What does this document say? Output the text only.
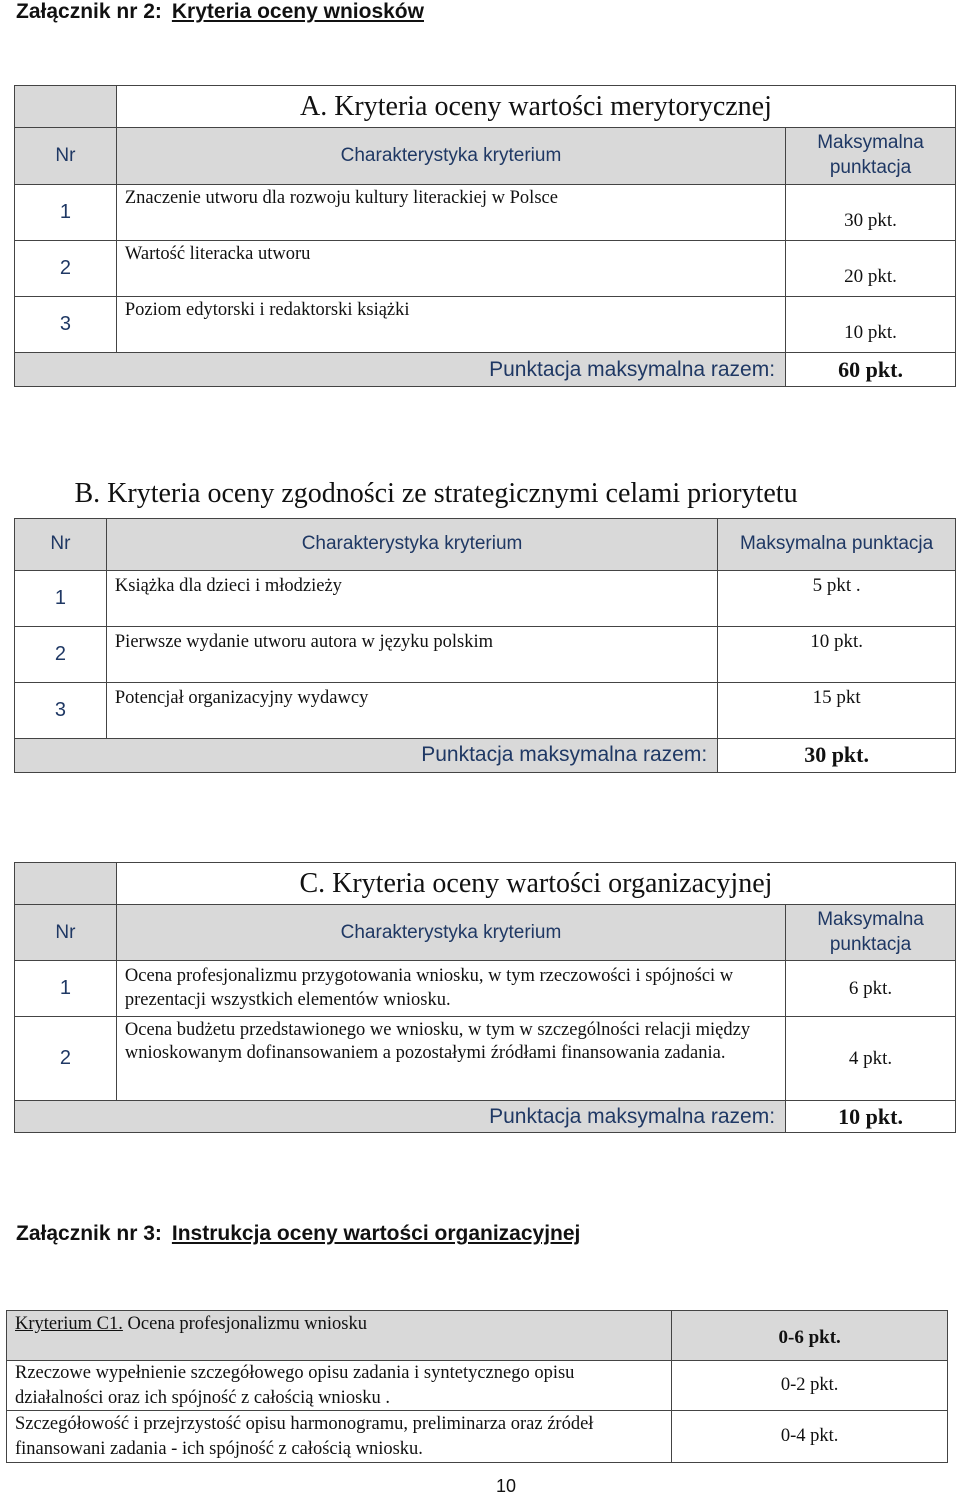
Załącznik nr 2: Kryteria oceny wniosków
	A. Kryteria oceny wartości merytorycznej	
Nr	Charakterystyka kryterium	Maksymalna punktacja
1	Znaczenie utworu dla rozwoju kultury literackiej w Polsce	30 pkt.
2	Wartość literacka utworu	20 pkt.
3	Poziom edytorski i redaktorski książki	10 pkt.
Punktacja maksymalna razem:		60 pkt.
B. Kryteria oceny zgodności ze strategicznymi celami priorytetu		
Nr	Charakterystyka kryterium	Maksymalna punktacja
1	Książka dla dzieci i młodzieży	5 pkt .
2	Pierwsze wydanie utworu autora w języku polskim	10 pkt.
3	Potencjał organizacyjny wydawcy	15 pkt
Punktacja maksymalna razem:		30 pkt.
	C. Kryteria oceny wartości organizacyjnej	
Nr	Charakterystyka kryterium	Maksymalna punktacja
1	Ocena profesjonalizmu przygotowania wniosku, w tym rzeczowości i spójności w prezentacji wszystkich elementów wniosku.	6 pkt.
2	Ocena budżetu przedstawionego we wniosku, w tym w szczególności relacji między wnioskowanym dofinansowaniem a pozostałymi źródłami finansowania zadania.	4 pkt.
Punktacja maksymalna razem:		10 pkt.
Załącznik nr 3: Instrukcja oceny wartości organizacyjnej
Kryterium C1. Ocena profesjonalizmu wniosku	0-6 pkt.
Rzeczowe wypełnienie szczegółowego opisu zadania i syntetycznego opisu działalności oraz ich spójność z całością wniosku .	0-2 pkt.
Szczegółowość i przejrzystość opisu harmonogramu, preliminarza oraz źródeł finansowani zadania - ich spójność z całością wniosku.	0-4 pkt.
10
